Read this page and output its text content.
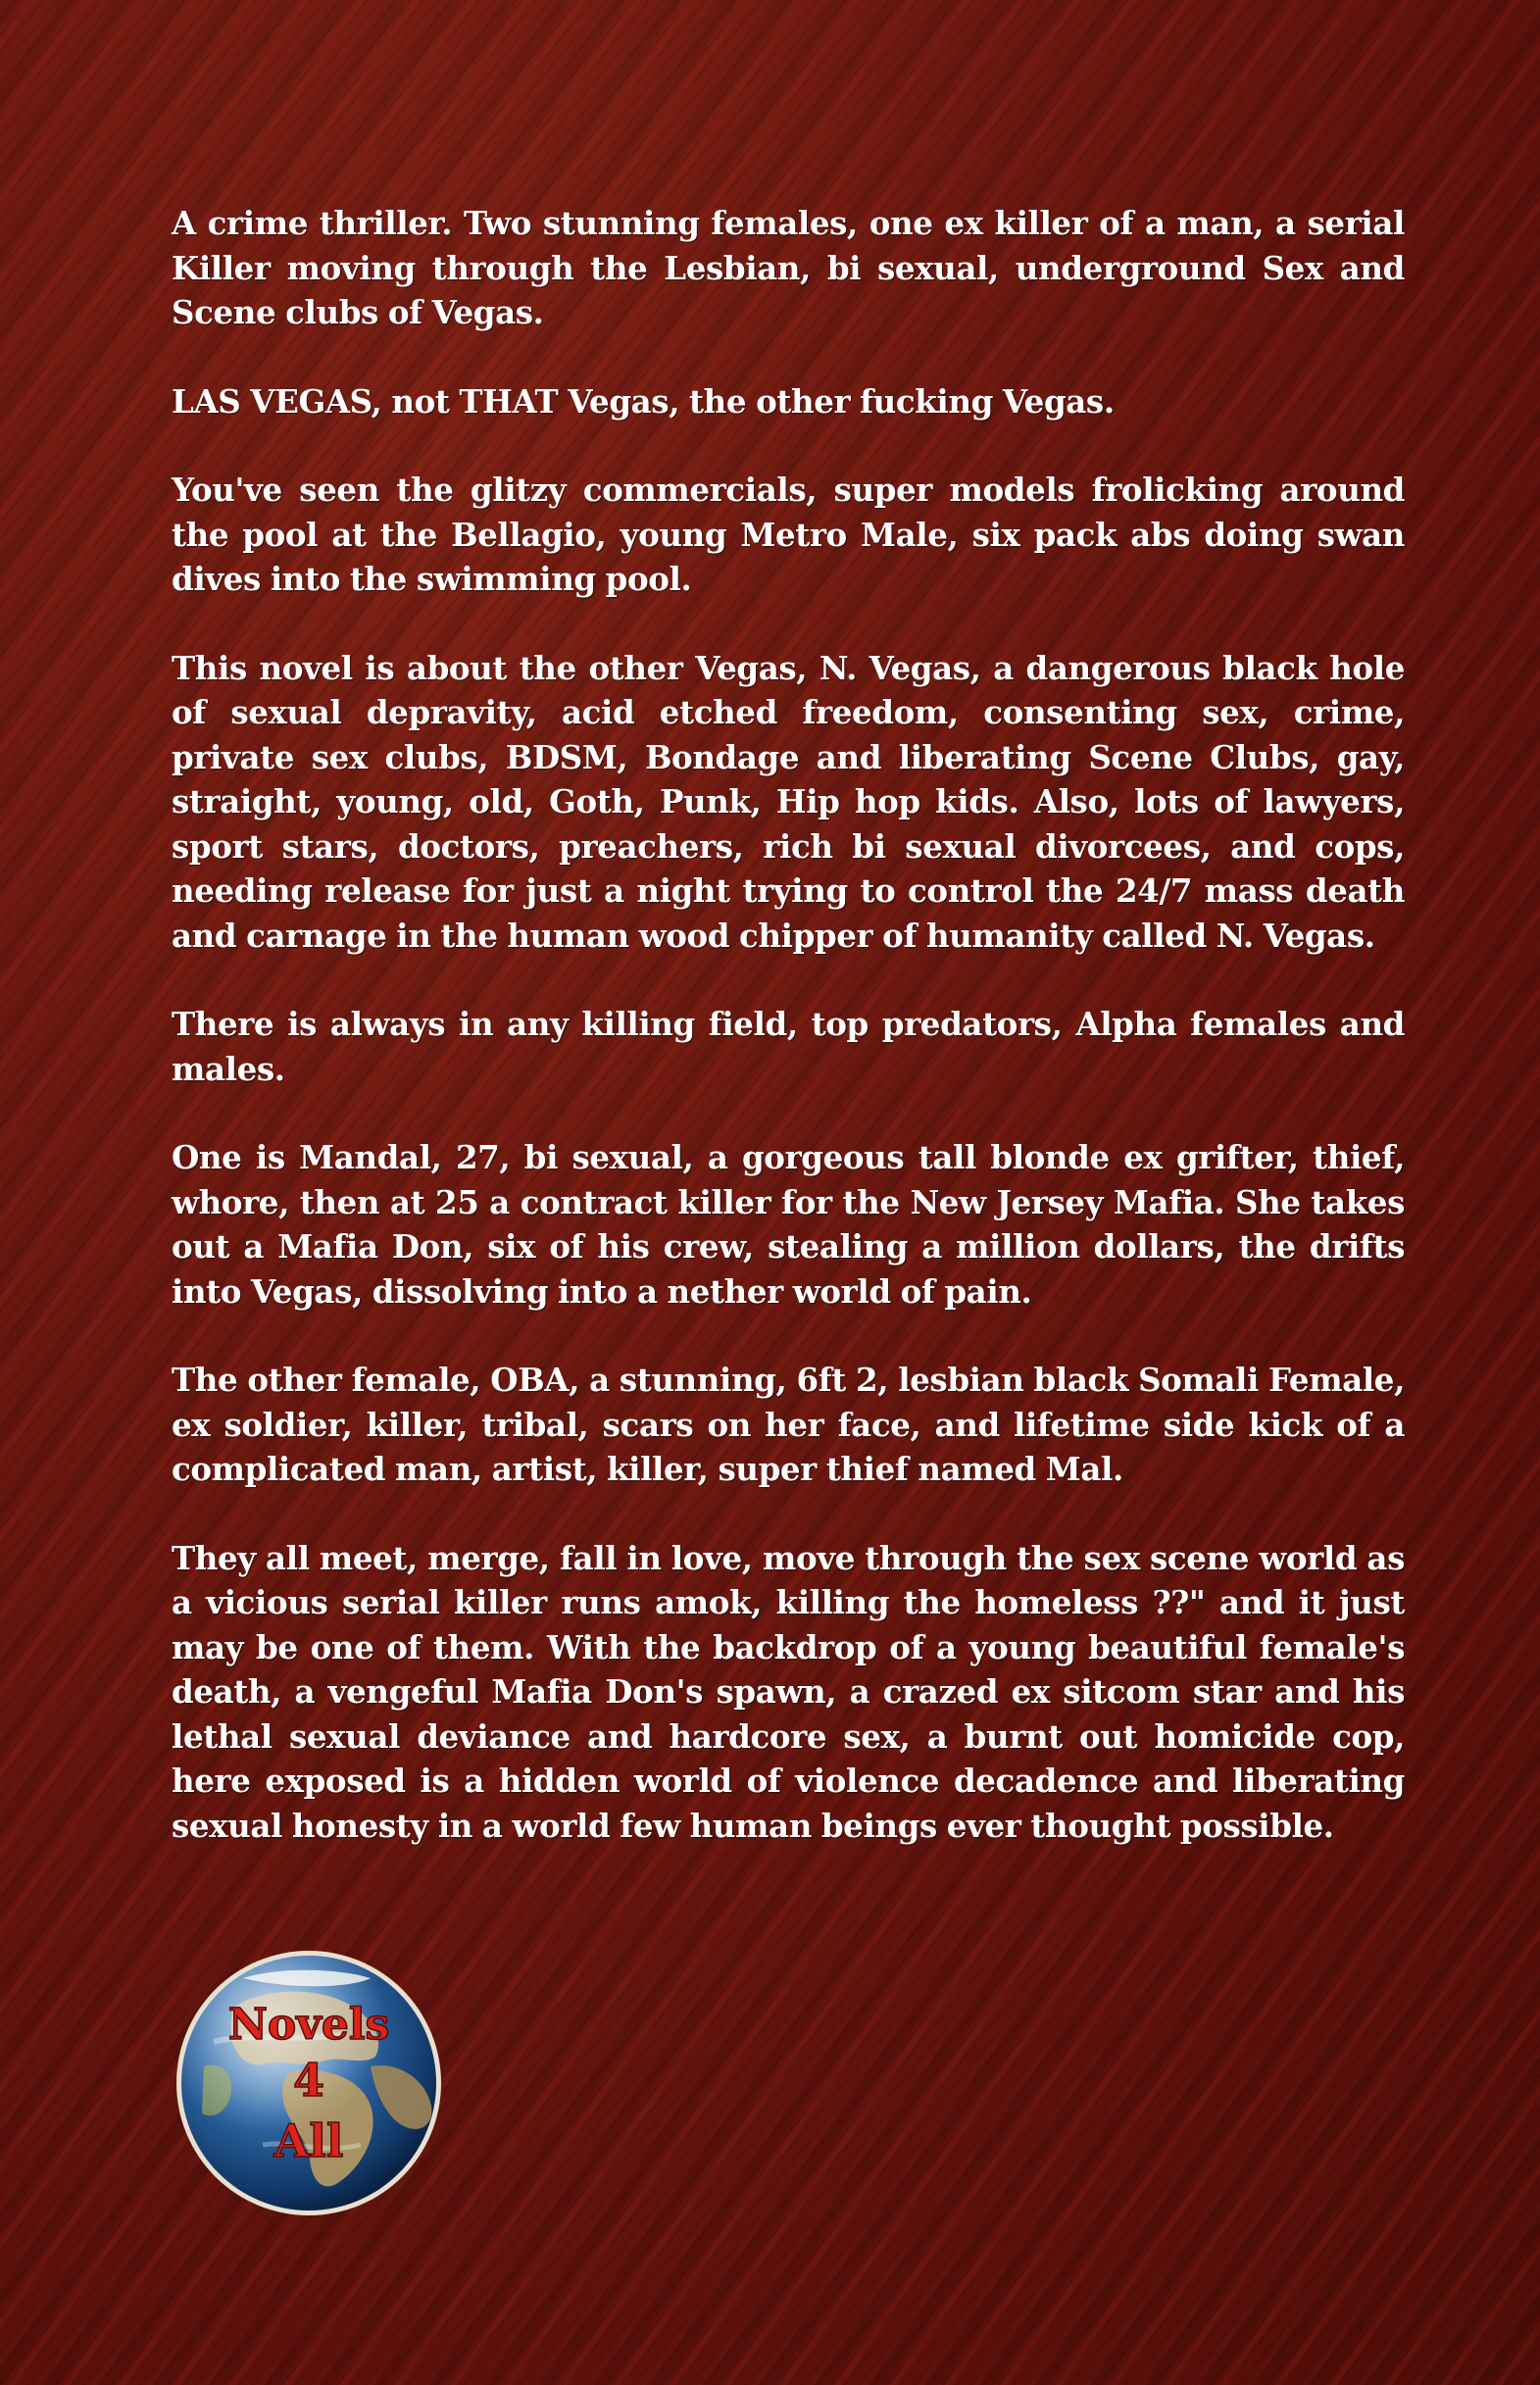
A crime thriller. Two stunning females, one ex killer of a man, a serial Killer moving through the Lesbian, bi sexual, underground Sex and Scene clubs of Vegas.

LAS VEGAS, not THAT Vegas, the other fucking Vegas.

You've seen the glitzy commercials, super models frolicking around the pool at the Bellagio, young Metro Male, six pack abs doing swan dives into the swimming pool.

This novel is about the other Vegas, N. Vegas, a dangerous black hole of sexual depravity, acid etched freedom, consenting sex, crime, private sex clubs, BDSM, Bondage and liberating Scene Clubs, gay, straight, young, old, Goth, Punk, Hip hop kids. Also, lots of lawyers, sport stars, doctors, preachers, rich bi sexual divorcees, and cops, needing release for just a night trying to control the 24/7 mass death and carnage in the human wood chipper of humanity called N. Vegas.

There is always in any killing field, top predators, Alpha females and males.

One is Mandal, 27, bi sexual, a gorgeous tall blonde ex grifter, thief, whore, then at 25 a contract killer for the New Jersey Mafia. She takes out a Mafia Don, six of his crew, stealing a million dollars, the drifts into Vegas, dissolving into a nether world of pain.

The other female, OBA, a stunning, 6ft 2, lesbian black Somali Female, ex soldier, killer, tribal, scars on her face, and lifetime side kick of a complicated man, artist, killer, super thief named Mal.

They all meet, merge, fall in love, move through the sex scene world as a vicious serial killer runs amok, killing the homeless ??" and it just may be one of them. With the backdrop of a young beautiful female's death, a vengeful Mafia Don's spawn, a crazed ex sitcom star and his lethal sexual deviance and hardcore sex, a burnt out homicide cop, here exposed is a hidden world of violence decadence and liberating sexual honesty in a world few human beings ever thought possible.

Novels
4
All
